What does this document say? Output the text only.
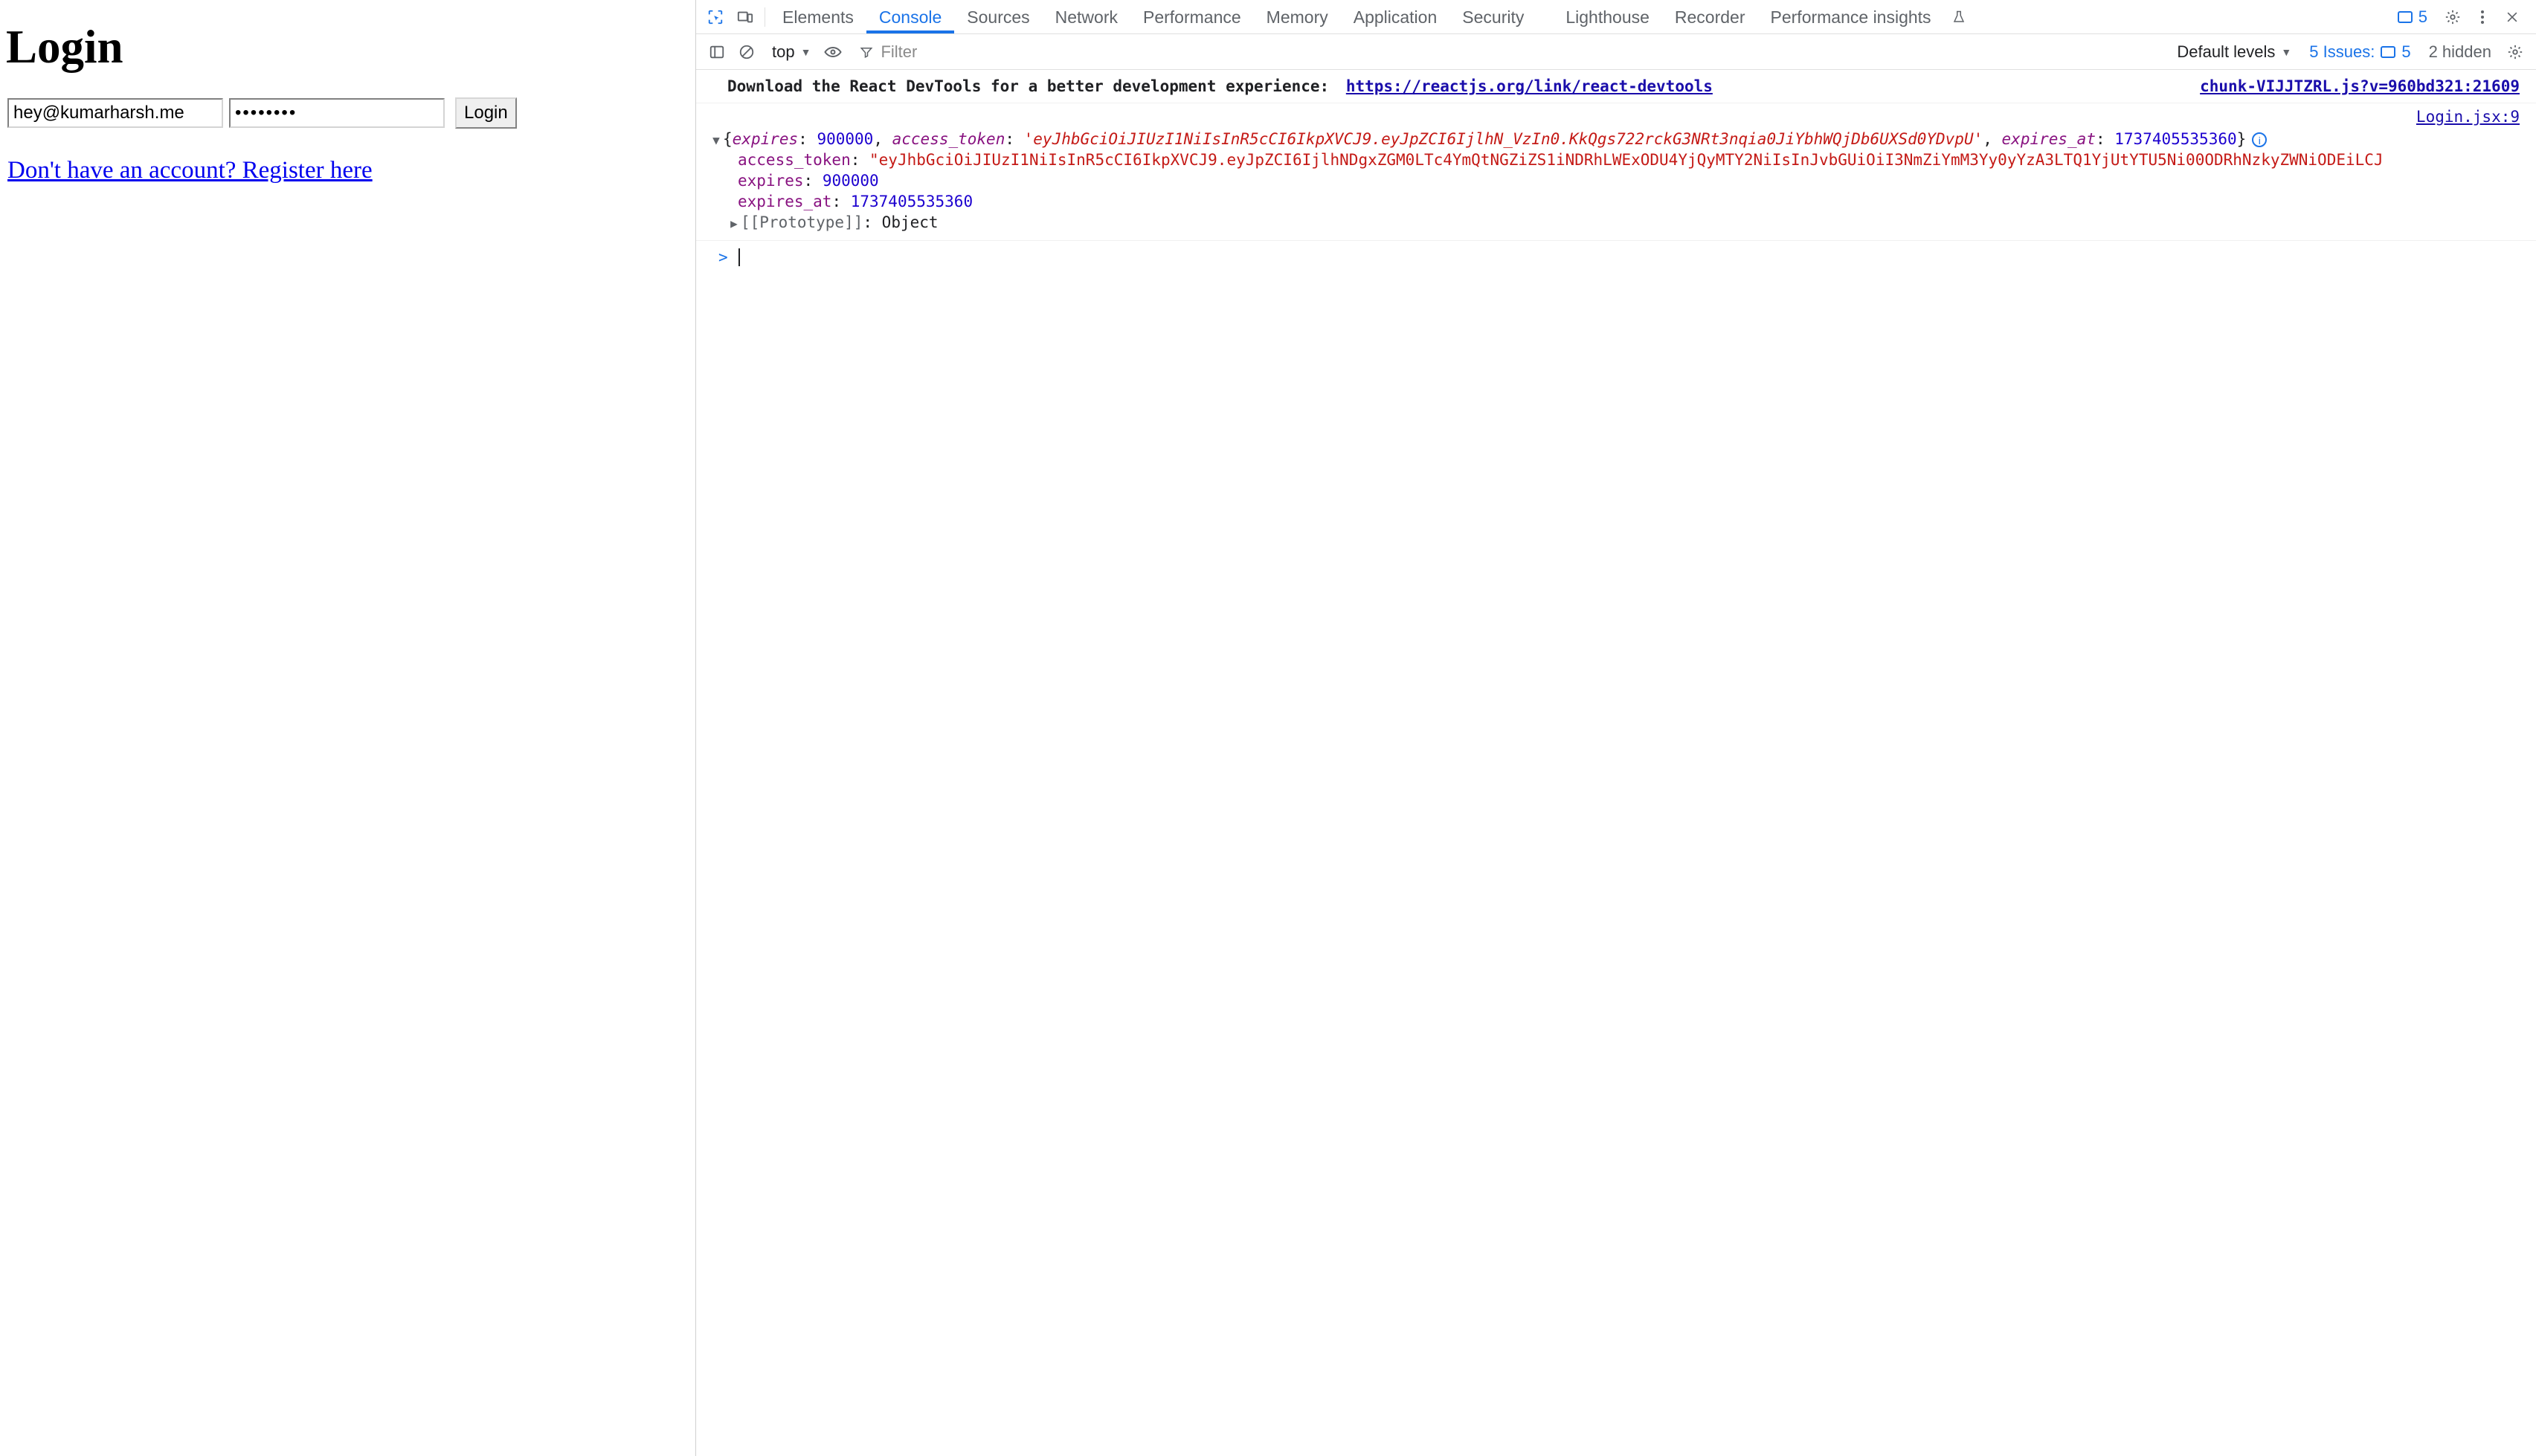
Login
hey@kumarharsh.me
••••••••
Login
Don't have an account? Register here
Elements	Console	Sources	Network	Performance	Memory	Application	Security	Lighthouse	Recorder	Performance insights	5
top ▼
Filter	Default levels ▼ 5 Issues: 5	2 hidden
Download the React DevTools for a better development experience: https://reactjs.org/link/react-devtools	chunk-VIJJTZRL.js?v=960bd321:21609
Login.jsx:9
▼ {expires: 900000, access_token: 'eyJhbGciOiJIUzI1NiIsInR5cCI6IkpXVCJ9.eyJpZCI6IjlhN_VzIn0.KkQgs722rckG3NRt3nqia0JiYbhWQjDb6UXSd0YDvpU', expires_at: 1737405535360} i
access_token: "eyJhbGciOiJIUzI1NiIsInR5cCI6IkpXVCJ9.eyJpZCI6IjlhNDgxZGM0LTc4YmQtNGZiZS1iNDRhLWExODU4YjQyMTY2NiIsInJvbGUiOiI3NmZiYmM3Yy0yYzA3LTQ1YjUtYTU5Ni00ODRhNzkyZWNiODEiLCJ
expires: 900000
expires_at: 1737405535360
▶ [[Prototype]]: Object
>
